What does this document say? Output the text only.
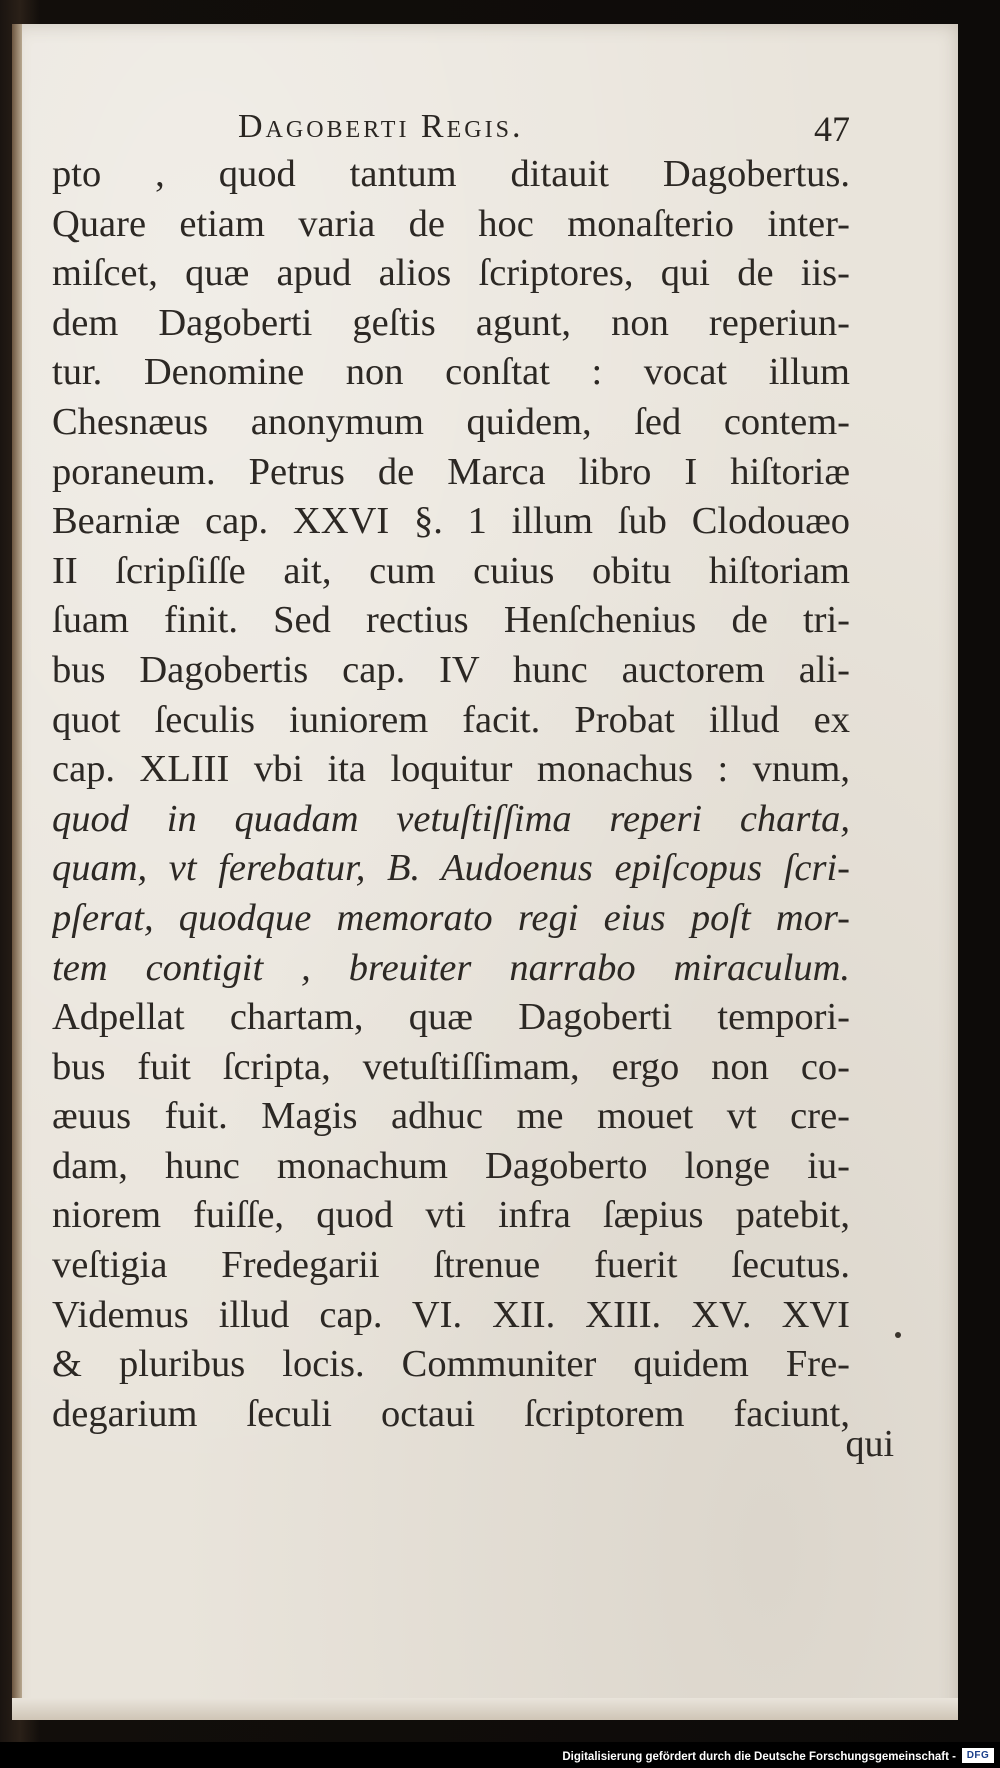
Dagoberti Regis.	47
pto , quod tantum ditauit Dagobertus.
Quare etiam varia de hoc monaſterio inter-
miſcet, quæ apud alios ſcriptores, qui de iis-
dem Dagoberti geſtis agunt, non reperiun-
tur. Denomine non conſtat : vocat illum
Chesnæus anonymum quidem, ſed contem-
poraneum. Petrus de Marca libro I hiſtoriæ
Bearniæ cap. XXVI §. 1 illum ſub Clodouæo
II ſcripſiſſe ait, cum cuius obitu hiſtoriam
ſuam finit. Sed rectius Henſchenius de tri-
bus Dagobertis cap. IV hunc auctorem ali-
quot ſeculis iuniorem facit. Probat illud ex
cap. XLIII vbi ita loquitur monachus : vnum,
quod in quadam vetuſtiſſima reperi charta,
quam, vt ferebatur, B. Audoenus epiſcopus ſcri-
pſerat, quodque memorato regi eius poſt mor-
tem contigit , breuiter narrabo miraculum.
Adpellat chartam, quæ Dagoberti tempori-
bus fuit ſcripta, vetuſtiſſimam, ergo non co-
æuus fuit. Magis adhuc me mouet vt cre-
dam, hunc monachum Dagoberto longe iu-
niorem fuiſſe, quod vti infra ſæpius patebit,
veſtigia Fredegarii ſtrenue fuerit ſecutus.
Videmus illud cap. VI. XII. XIII. XV. XVI
& pluribus locis. Communiter quidem Fre-
degarium ſeculi octaui ſcriptorem faciunt,
qui
Digitalisierung gefördert durch die Deutsche Forschungsgemeinschaft -	DFG
